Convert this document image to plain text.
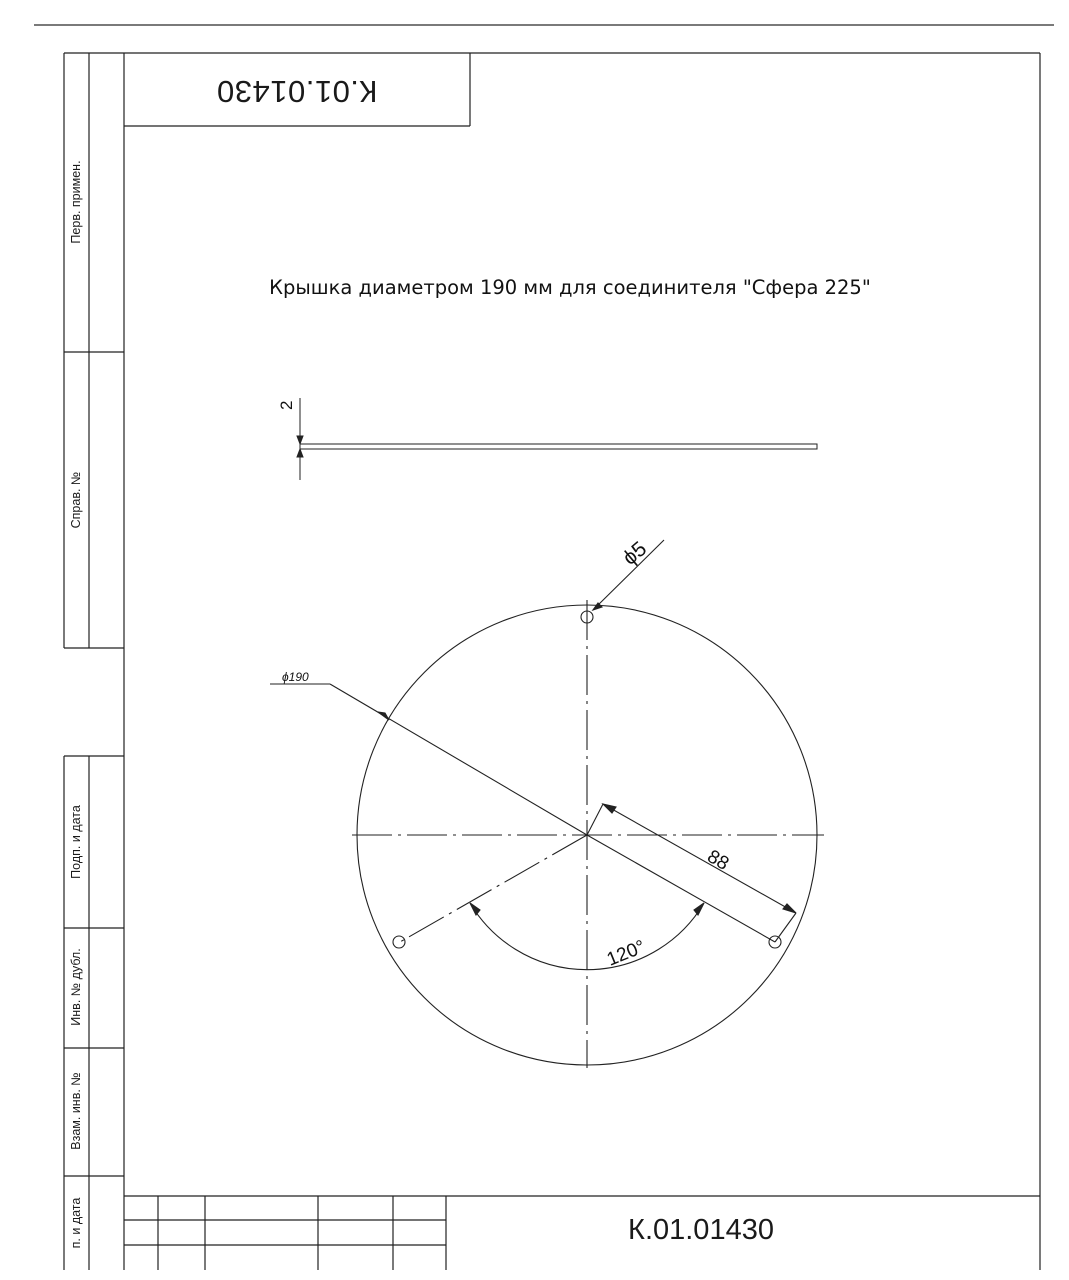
2
ϕ5
ϕ190
88
120°
Перв. примен.
Справ. №
Подп. и дата
Инв. № дубл.
Взам. инв. №
п. и дата
К.01.01430
Крышка диаметром 190 мм для соединителя "Сфера 225"
К.01.01430
